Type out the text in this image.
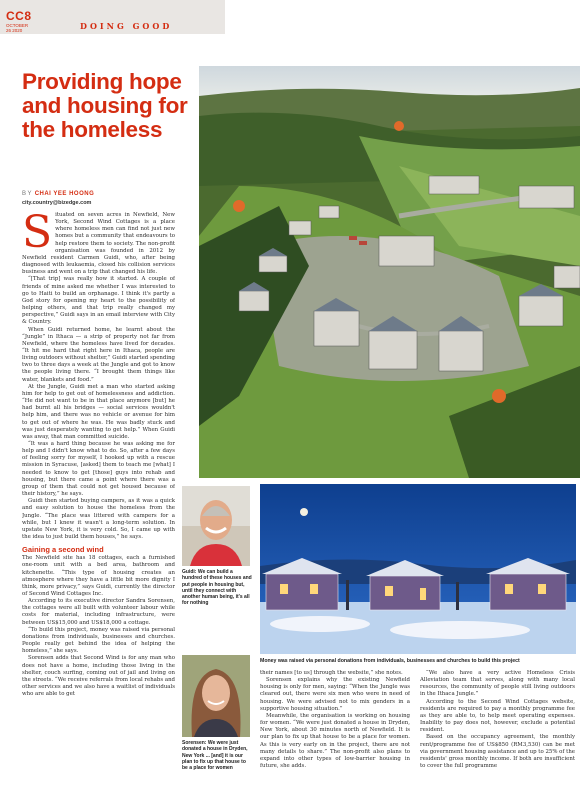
CC8
OCTOBER 26 2020	DOING GOOD
Providing hope and housing for the homeless
BY CHAI YEE HOONG
city.country@bizedge.com

Situated on seven acres in Newfield, New York, Second Wind Cottages is a place where homeless men can find not just new homes but a community that endeavours to help restore them to society. The non-profit organisation was founded in 2012 by Newfield resident Carmen Guidi, who, after being diagnosed with leukaemia, closed his collision services business and went on a trip that changed his life.

“[That trip] was really how it started. A couple of friends of mine asked me whether I was interested to go to Haiti to build an orphanage. I think it's partly a God story for opening my heart to the possibility of helping others, and that trip really changed my perspective,” Guidi says in an email interview with City & Country.

When Guidi returned home, he learnt about the “Jungle” in Ithaca — a strip of property not far from Newfield, where the homeless have lived for decades. “It hit me hard that right here in Ithaca, people are living outdoors without shelter,” Guidi started spending two to three days a week at the Jungle and got to know the people living there. “I brought them things like water, blankets and food.”

At the Jungle, Guidi met a man who started asking him for help to get out of homelessness and addiction. “He did not want to be in that place anymore [but] he had burnt all his bridges — social services wouldn't help him, and there was no vehicle or avenue for him to get out of where he was. He was badly stuck and was just desperately wanting to get help.” When Guidi was away, that man committed suicide.

“It was a hard thing because he was asking me for help and I didn't know what to do. So, after a few days of feeling sorry for myself, I hooked up with a rescue mission in Syracuse, [asked] them to teach me [what] I needed to know to get [those] guys into rehab and housing, but there came a point where there was a group of them that could not get housed because of their history,” he says.

Guidi then started buying campers, as it was a quick and easy solution to house the homeless from the Jungle. “The place was littered with campers for a while, but I knew it wasn't a long-term solution. In upstate New York, it is very cold. So, I came up with the idea to just build them houses,” he says.

Gaining a second wind

The Newfield site has 18 cottages, each a furnished one-room unit with a bed area, bathroom and kitchenette. “This type of housing creates an atmosphere where they have a little bit more dignity I think, more privacy,” says Guidi, currently the director of Second Wind Cottages Inc.

According to its executive director Sandra Sorensen, the cottages were all built with volunteer labour while costs for material, including infrastructure, were between US$15,000 and US$18,000 a cottage.

“To build this project, money was raised via personal donations from individuals, businesses and churches. People really get behind the idea of helping the homeless,” she says.

Sorensen adds that Second Wind is for any man who does not have a home, including those living in the shelter, couch surfing, coming out of jail and living on the streets. “We receive referrals from local rehabs and other services and we also have a waitlist of individuals who are able to get

their names [to us] through the website,” she notes.

Sorensen explains why the existing Newfield housing is only for men, saying: “When the Jungle was cleared out, there were six men who were in need of housing. We were advised not to mix genders in a supportive housing situation.”

Meanwhile, the organisation is working on housing for women. “We were just donated a house in Dryden, New York, about 30 minutes north of Newfield. It is our plan to fix up that house to be a place for women. As this is very early on in the project, there are not many details to share.” The non-profit also plans to expand into other types of low-barrier housing in future, she adds.

“We also have a very active Homeless Crisis Alleviation team that serves, along with many local resources, the community of people still living outdoors in the Ithaca Jungle.”

According to the Second Wind Cottages website, residents are required to pay a monthly programme fee as they are able to, to help meet operating expenses. Inability to pay does not, however, exclude a potential resident.

Based on the occupancy agreement, the monthly rent/programme fee of US$850 (RM3,530) can be met via government housing assistance and up to 25% of the residents' gross monthly income. If both are insufficient to cover the full programme

Guidi: We can build a hundred of these houses and put people in housing but, until they connect with another human being, it's all for nothing
Sorensen: We were just donated a house in Dryden, New York ... [and] it is our plan to fix up that house to be a place for women
Money was raised via personal donations from individuals, businesses and churches to build this project
